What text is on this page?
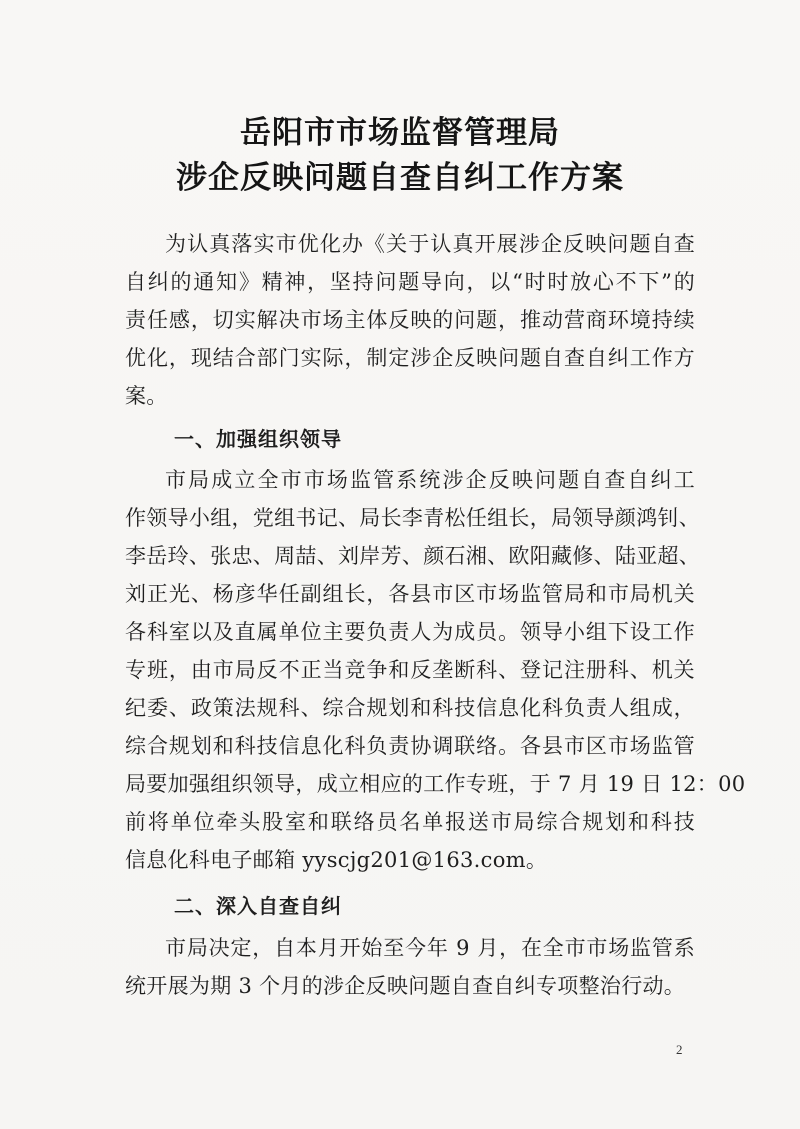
岳阳市市场监督管理局
涉企反映问题自查自纠工作方案
为认真落实市优化办《关于认真开展涉企反映问题自查
自纠的通知》精神，坚持问题导向，以“时时放心不下”的
责任感，切实解决市场主体反映的问题，推动营商环境持续
优化，现结合部门实际，制定涉企反映问题自查自纠工作方
案。
一、加强组织领导
市局成立全市市场监管系统涉企反映问题自查自纠工
作领导小组，党组书记、局长李青松任组长，局领导颜鸿钊、
李岳玲、张忠、周喆、刘岸芳、颜石湘、欧阳藏修、陆亚超、
刘正光、杨彦华任副组长，各县市区市场监管局和市局机关
各科室以及直属单位主要负责人为成员。领导小组下设工作
专班，由市局反不正当竞争和反垄断科、登记注册科、机关
纪委、政策法规科、综合规划和科技信息化科负责人组成，
综合规划和科技信息化科负责协调联络。各县市区市场监管
局要加强组织领导，成立相应的工作专班，于 7 月 19 日 12：00
前将单位牵头股室和联络员名单报送市局综合规划和科技
信息化科电子邮箱 yyscjg201@163.com。
二、深入自查自纠
市局决定，自本月开始至今年 9 月，在全市市场监管系
统开展为期 3 个月的涉企反映问题自查自纠专项整治行动。
2
